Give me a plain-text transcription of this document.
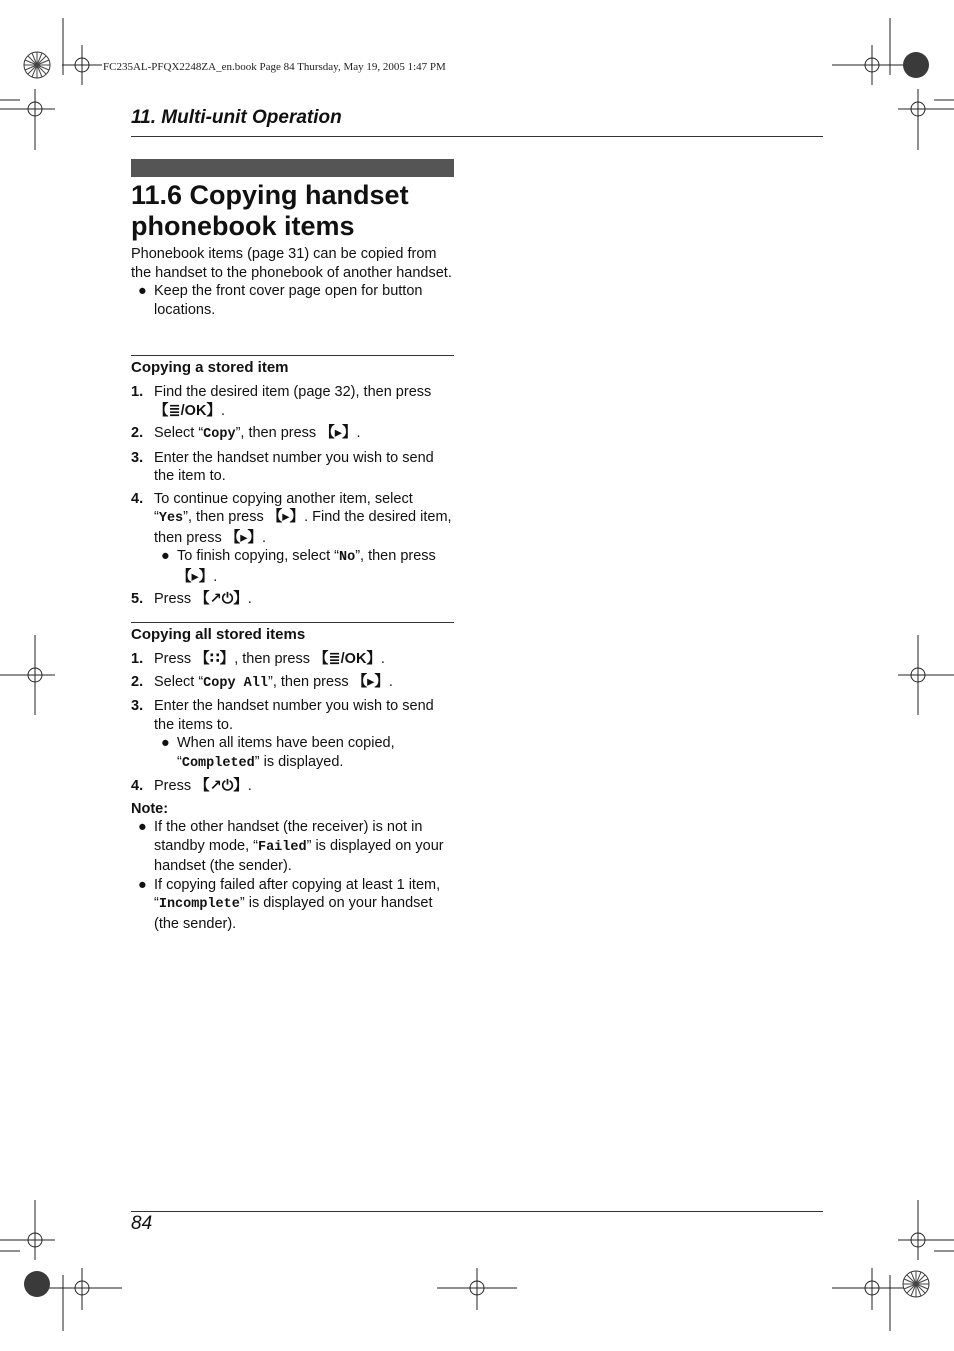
FC235AL-PFQX2248ZA_en.book Page 84 Thursday, May 19, 2005 1:47 PM
11. Multi-unit Operation
11.6 Copying handset phonebook items
Phonebook items (page 31) can be copied from the handset to the phonebook of another handset.
● Keep the front cover page open for button locations.
Copying a stored item
1. Find the desired item (page 32), then press 【≣/OK】.
2. Select “Copy”, then press 【▸】.
3. Enter the handset number you wish to send the item to.
4. To continue copying another item, select “Yes”, then press 【▸】. Find the desired item, then press 【▸】.
● To finish copying, select “No”, then press 【▸】.
5. Press 【↗⏻】.
Copying all stored items
1. Press 【∷】, then press 【≣/OK】.
2. Select “Copy All”, then press 【▸】.
3. Enter the handset number you wish to send the items to.
● When all items have been copied, “Completed” is displayed.
4. Press 【↗⏻】.
Note:
● If the other handset (the receiver) is not in standby mode, “Failed” is displayed on your handset (the sender).
● If copying failed after copying at least 1 item, “Incomplete” is displayed on your handset (the sender).
84
